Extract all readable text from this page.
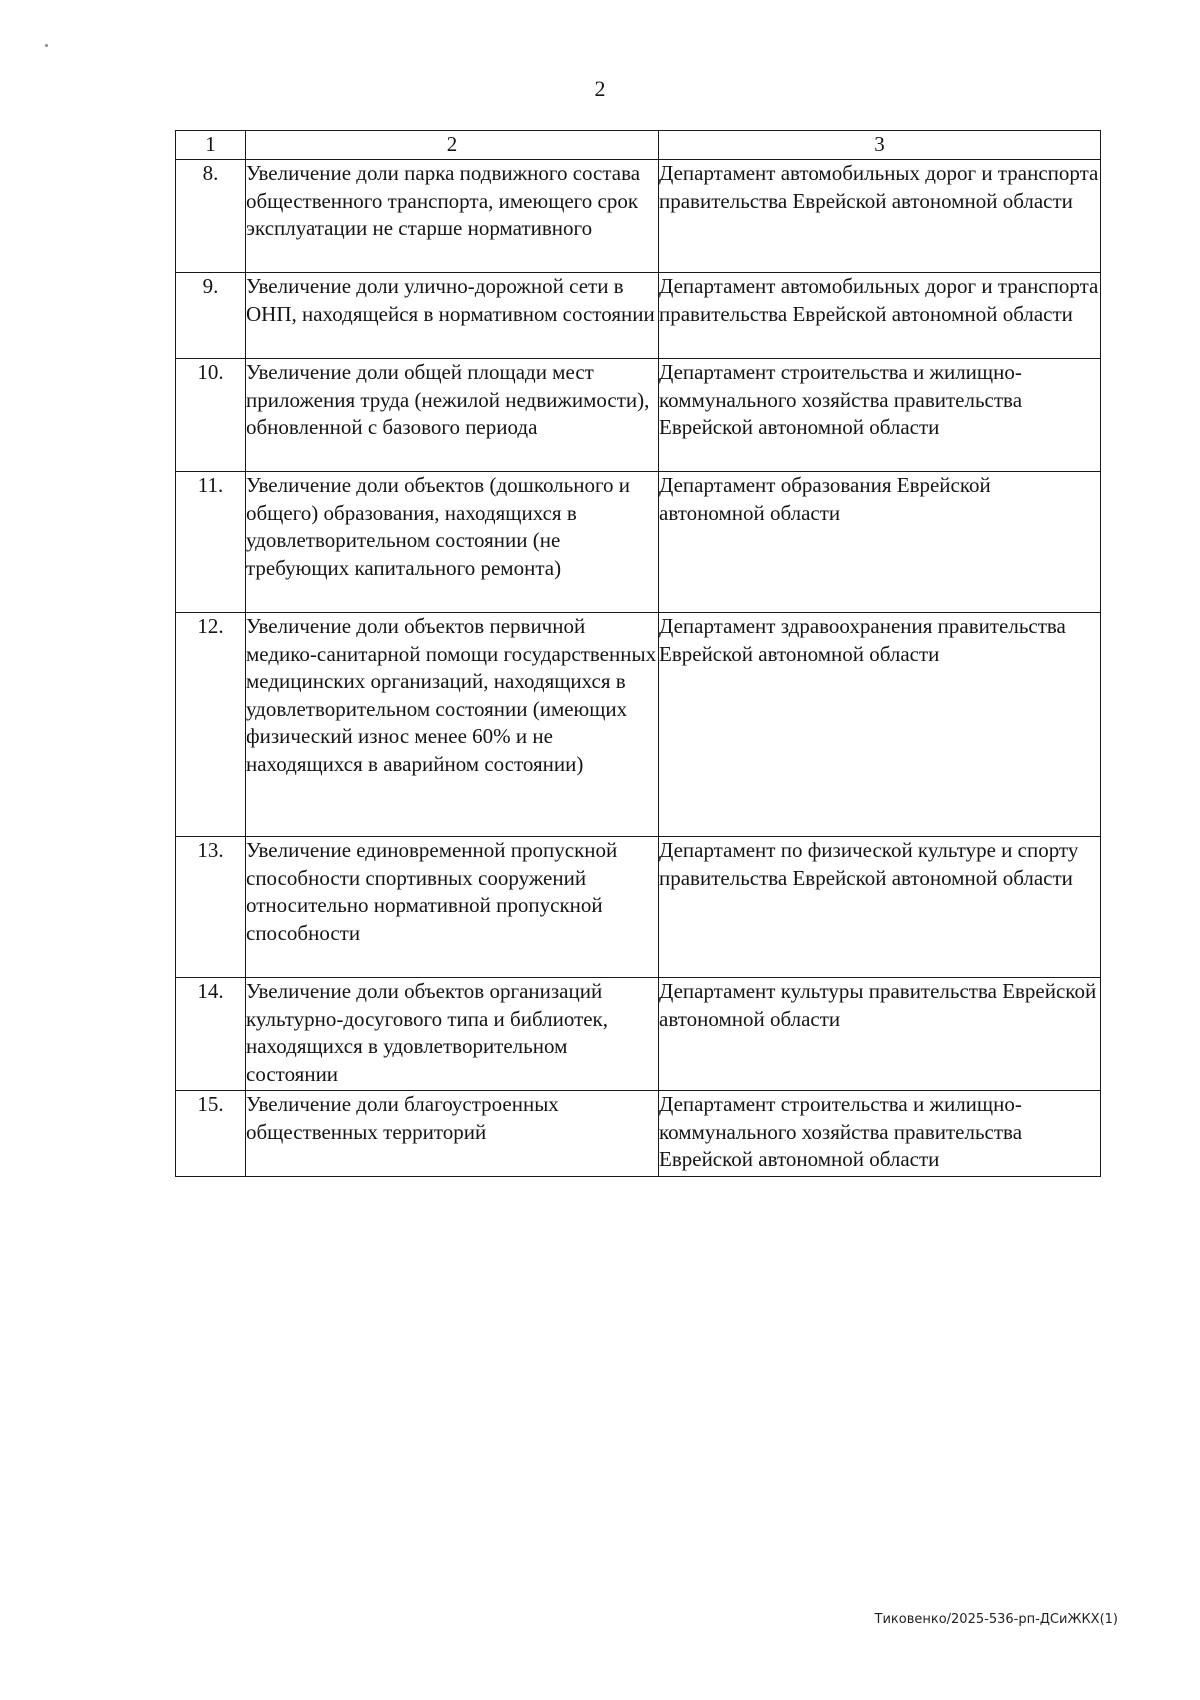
2
1	2	3
8.	Увеличение доли парка подвижного состава общественного транспорта, имеющего срок эксплуатации не старше нормативного	Департамент автомобильных дорог и транспорта правительства Еврейской автономной области
9.	Увеличение доли улично-дорожной сети в ОНП, находящейся в нормативном состоянии	Департамент автомобильных дорог и транспорта правительства Еврейской автономной области
10.	Увеличение доли общей площади мест приложения труда (нежилой недвижимости), обновленной с базового периода	Департамент строительства и жилищно-коммунального хозяйства правительства Еврейской автономной области
11.	Увеличение доли объектов (дошкольного и общего) образования, находящихся в удовлетворительном состоянии (не требующих капитального ремонта)	Департамент образования Еврейской автономной области
12.	Увеличение доли объектов первичной медико-санитарной помощи государственных медицинских организаций, находящихся в удовлетворительном состоянии (имеющих физический износ менее 60% и не находящихся в аварийном состоянии)	Департамент здравоохранения правительства Еврейской автономной области
13.	Увеличение единовременной пропускной способности спортивных сооружений относительно нормативной пропускной способности	Департамент по физической культуре и спорту правительства Еврейской автономной области
14.	Увеличение доли объектов организаций культурно-досугового типа и библиотек, находящихся в удовлетворительном состоянии	Департамент культуры правительства Еврейской автономной области
15.	Увеличение доли благоустроенных общественных территорий	Департамент строительства и жилищно-коммунального хозяйства правительства Еврейской автономной области
Тиковенко/2025-536-рп-ДСиЖКХ(1)
